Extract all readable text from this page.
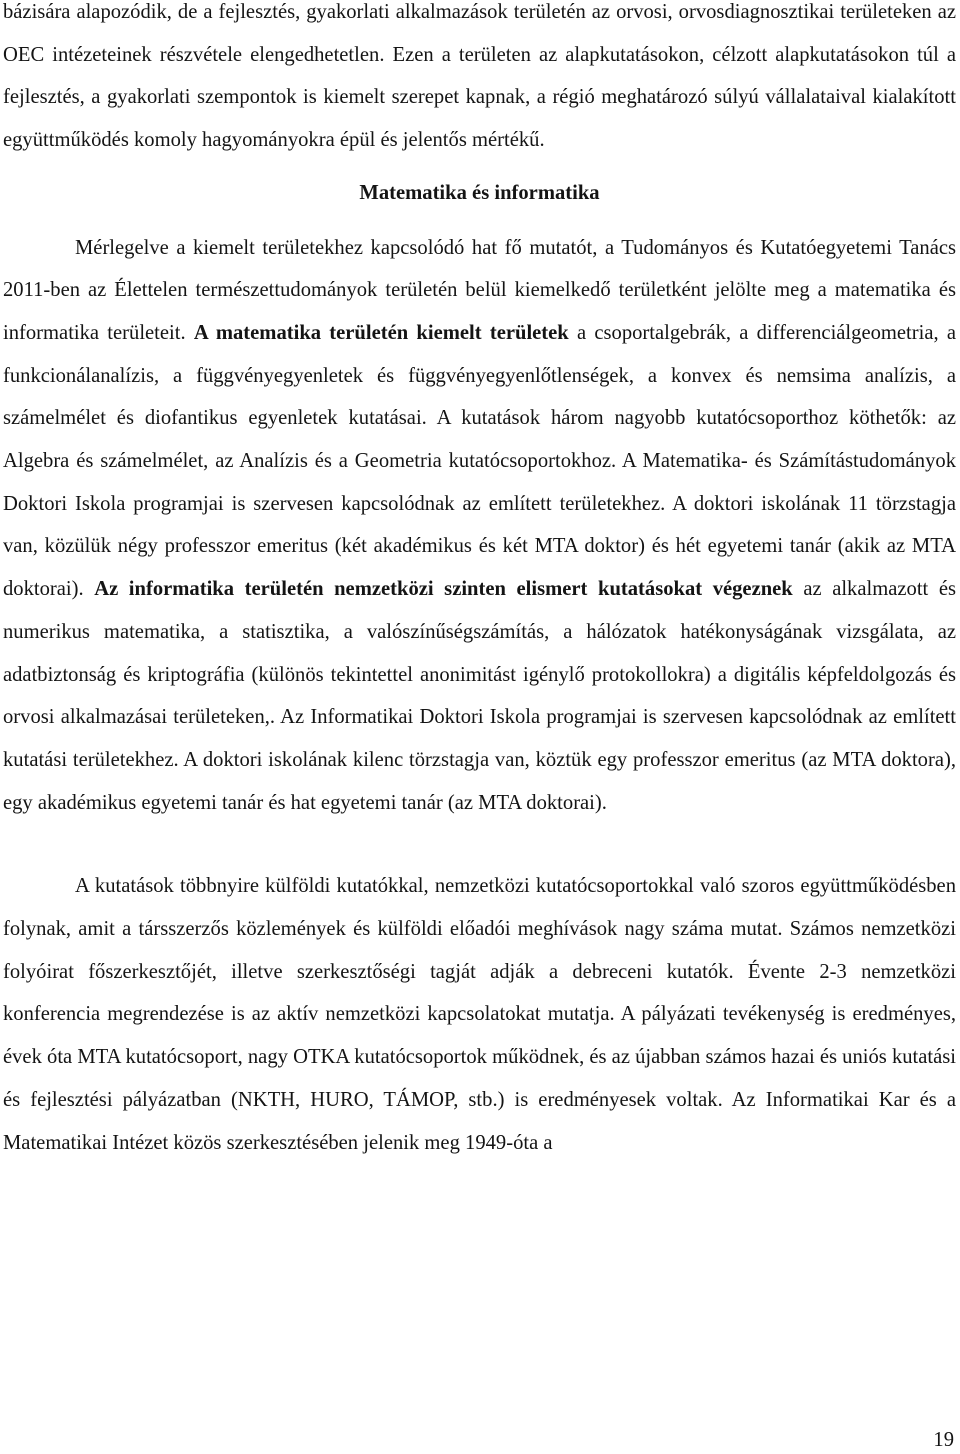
bázisára alapozódik, de a fejlesztés, gyakorlati alkalmazások területén az orvosi, orvosdiagnosztikai területeken az OEC intézeteinek részvétele elengedhetetlen. Ezen a területen az alapkutatásokon, célzott alapkutatásokon túl a fejlesztés, a gyakorlati szempontok is kiemelt szerepet kapnak, a régió meghatározó súlyú vállalataival kialakított együttműködés komoly hagyományokra épül és jelentős mértékű.

Matematika és informatika

Mérlegelve a kiemelt területekhez kapcsolódó hat fő mutatót, a Tudományos és Kutatóegyetemi Tanács 2011-ben az Élettelen természettudományok területén belül kiemelkedő területként jelölte meg a matematika és informatika területeit. A matematika területén kiemelt területek a csoportalgebrák, a differenciálgeometria, a funkcionálanalízis, a függvényegyenletek és függvényegyenlőtlenségek, a konvex és nemsima analízis, a számelmélet és diofantikus egyenletek kutatásai. A kutatások három nagyobb kutatócsoporthoz köthetők: az Algebra és számelmélet, az Analízis és a Geometria kutatócsoportokhoz. A Matematika- és Számítástudományok Doktori Iskola programjai is szervesen kapcsolódnak az említett területekhez. A doktori iskolának 11 törzstagja van, közülük négy professzor emeritus (két akadémikus és két MTA doktor) és hét egyetemi tanár (akik az MTA doktorai). Az informatika területén nemzetközi szinten elismert kutatásokat végeznek az alkalmazott és numerikus matematika, a statisztika, a valószínűségszámítás, a hálózatok hatékonyságának vizsgálata, az adatbiztonság és kriptográfia (különös tekintettel anonimitást igénylő protokollokra) a digitális képfeldolgozás és orvosi alkalmazásai területeken,. Az Informatikai Doktori Iskola programjai is szervesen kapcsolódnak az említett kutatási területekhez. A doktori iskolának kilenc törzstagja van, köztük egy professzor emeritus (az MTA doktora), egy akadémikus egyetemi tanár és hat egyetemi tanár (az MTA doktorai).

A kutatások többnyire külföldi kutatókkal, nemzetközi kutatócsoportokkal való szoros együttműködésben folynak, amit a társszerzős közlemények és külföldi előadói meghívások nagy száma mutat. Számos nemzetközi folyóirat főszerkesztőjét, illetve szerkesztőségi tagját adják a debreceni kutatók. Évente 2-3 nemzetközi konferencia megrendezése is az aktív nemzetközi kapcsolatokat mutatja. A pályázati tevékenység is eredményes, évek óta MTA kutatócsoport, nagy OTKA kutatócsoportok működnek, és az újabban számos hazai és uniós kutatási és fejlesztési pályázatban (NKTH, HURO, TÁMOP, stb.) is eredményesek voltak. Az Informatikai Kar és a Matematikai Intézet közös szerkesztésében jelenik meg 1949-óta a

19
